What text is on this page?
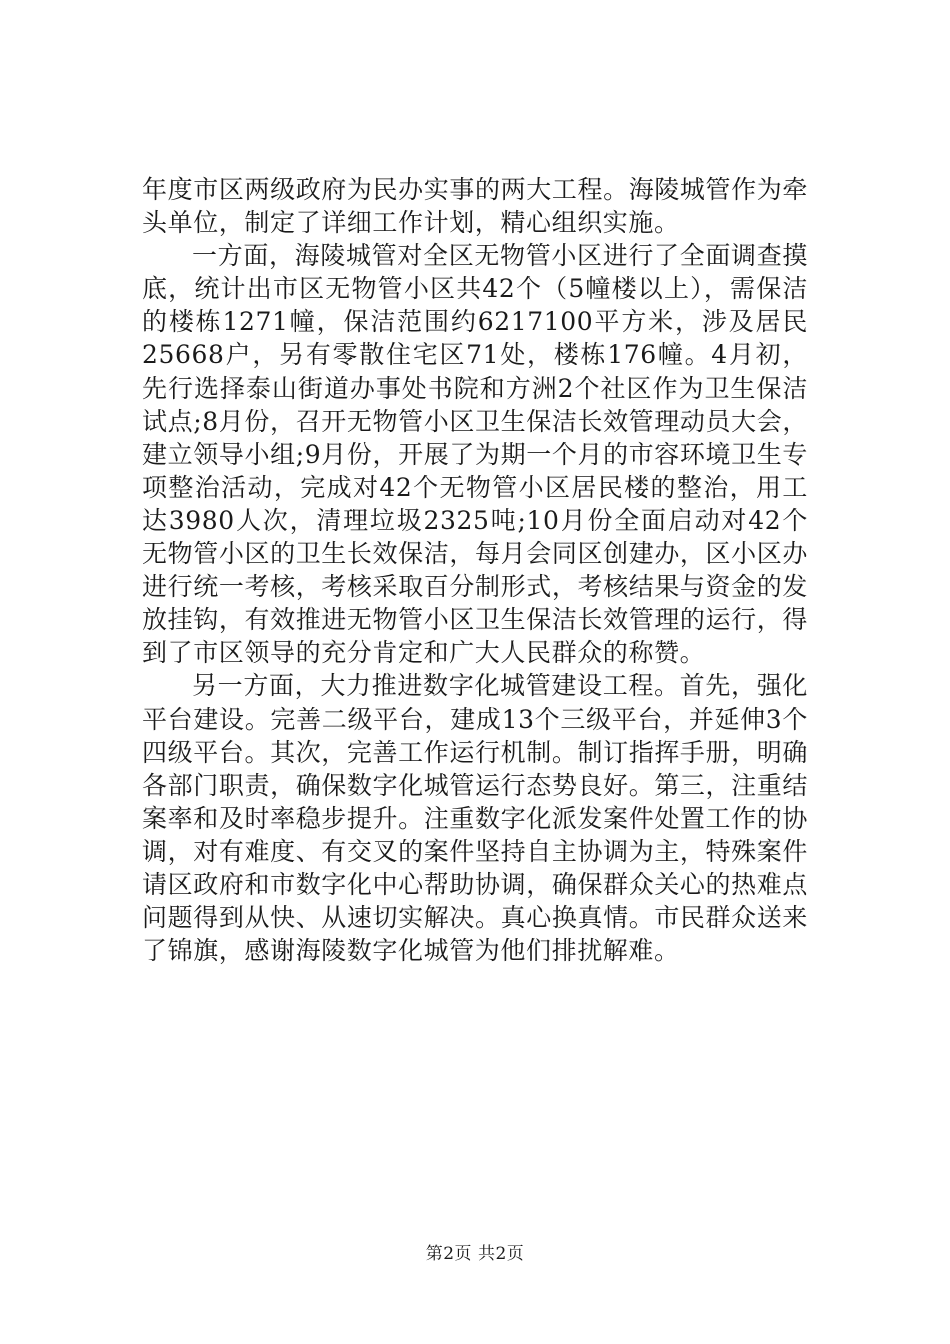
年度市区两级政府为民办实事的两大工程。海陵城管作为牵头单位，制定了详细工作计划，精心组织实施。

一方面，海陵城管对全区无物管小区进行了全面调查摸底，统计出市区无物管小区共42个（5幢楼以上），需保洁的楼栋1271幢，保洁范围约6217100平方米，涉及居民25668户，另有零散住宅区71处，楼栋176幢。4月初，先行选择泰山街道办事处书院和方洲2个社区作为卫生保洁试点;8月份，召开无物管小区卫生保洁长效管理动员大会，建立领导小组;9月份，开展了为期一个月的市容环境卫生专项整治活动，完成对42个无物管小区居民楼的整治，用工达3980人次，清理垃圾2325吨;10月份全面启动对42个无物管小区的卫生长效保洁，每月会同区创建办，区小区办进行统一考核，考核采取百分制形式，考核结果与资金的发放挂钩，有效推进无物管小区卫生保洁长效管理的运行，得到了市区领导的充分肯定和广大人民群众的称赞。

另一方面，大力推进数字化城管建设工程。首先，强化平台建设。完善二级平台，建成13个三级平台，并延伸3个四级平台。其次，完善工作运行机制。制订指挥手册，明确各部门职责，确保数字化城管运行态势良好。第三，注重结案率和及时率稳步提升。注重数字化派发案件处置工作的协调，对有难度、有交叉的案件坚持自主协调为主，特殊案件请区政府和市数字化中心帮助协调，确保群众关心的热难点问题得到从快、从速切实解决。真心换真情。市民群众送来了锦旗，感谢海陵数字化城管为他们排扰解难。

第2页 共2页
